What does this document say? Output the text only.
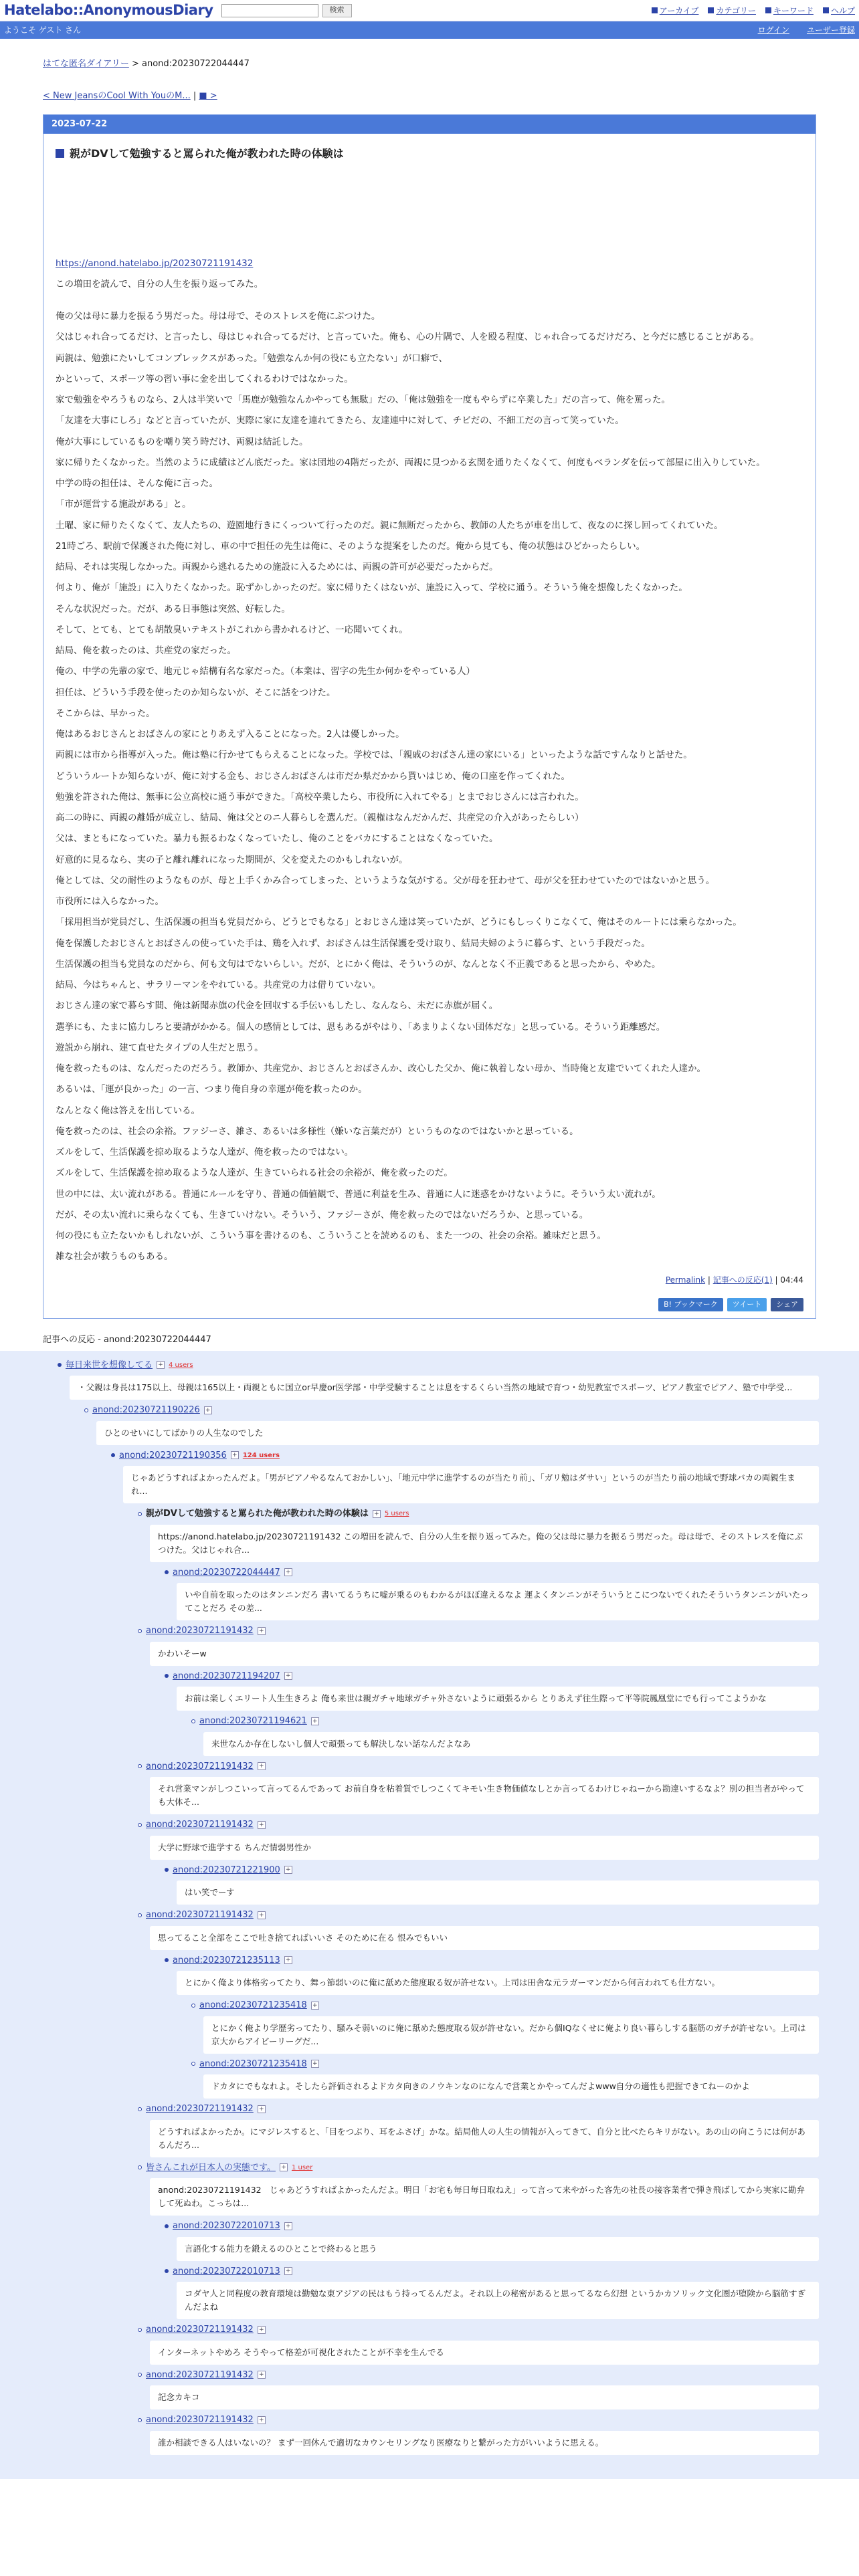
Hatelabo::AnonymousDiary	検索	アーカイブ カテゴリー キーワード ヘルプ
ようこそ ゲスト さん	ログイン ユーザー登録
はてな匿名ダイアリー > anond:20230722044447
< New JeansのCool With YouのM... | ■ >
2023-07-22
親がDVして勉強すると罵られた俺が教われた時の体験は

https://anond.hatelabo.jp/20230721191432

この増田を読んで、自分の人生を振り返ってみた。

俺の父は母に暴力を振るう男だった。母は母で、そのストレスを俺にぶつけた。

父はじゃれ合ってるだけ、と言ったし、母はじゃれ合ってるだけ、と言っていた。俺も、心の片隅で、人を殴る程度、じゃれ合ってるだけだろ、と今だに感じることがある。

両親は、勉強にたいしてコンプレックスがあった。「勉強なんか何の役にも立たない」が口癖で、

かといって、スポーツ等の習い事に金を出してくれるわけではなかった。

家で勉強をやろうものなら、2人は半笑いで「馬鹿が勉強なんかやっても無駄」だの、「俺は勉強を一度もやらずに卒業した」だの言って、俺を罵った。

「友達を大事にしろ」などと言っていたが、実際に家に友達を連れてきたら、友達連中に対して、チビだの、不細工だの言って笑っていた。

俺が大事にしているものを嘲り笑う時だけ、両親は結託した。

家に帰りたくなかった。当然のように成績はどん底だった。家は団地の4階だったが、両親に見つかる玄関を通りたくなくて、何度もベランダを伝って部屋に出入りしていた。

中学の時の担任は、そんな俺に言った。

「市が運営する施設がある」と。

土曜、家に帰りたくなくて、友人たちの、遊園地行きにくっついて行ったのだ。親に無断だったから、教師の人たちが車を出して、夜なのに探し回ってくれていた。

21時ごろ、駅前で保護された俺に対し、車の中で担任の先生は俺に、そのような提案をしたのだ。俺から見ても、俺の状態はひどかったらしい。

結局、それは実現しなかった。両親から逃れるための施設に入るためには、両親の許可が必要だったからだ。

何より、俺が「施設」に入りたくなかった。恥ずかしかったのだ。家に帰りたくはないが、施設に入って、学校に通う。そういう俺を想像したくなかった。

そんな状況だった。だが、ある日事態は突然、好転した。

そして、とても、とても胡散臭いテキストがこれから書かれるけど、一応聞いてくれ。

結局、俺を救ったのは、共産党の家だった。

俺の、中学の先輩の家で、地元じゃ結構有名な家だった。（本業は、習字の先生か何かをやっている人）

担任は、どういう手段を使ったのか知らないが、そこに話をつけた。

そこからは、早かった。

俺はあるおじさんとおばさんの家にとりあえず入ることになった。2人は優しかった。

両親には市から指導が入った。俺は塾に行かせてもらえることになった。学校では、「親戚のおばさん達の家にいる」といったような話ですんなりと話せた。

どういうルートか知らないが、俺に対する金も、おじさんおばさんは市だか県だかから貰いはじめ、俺の口座を作ってくれた。

勉強を許された俺は、無事に公立高校に通う事ができた。「高校卒業したら、市役所に入れてやる」とまでおじさんには言われた。

高二の時に、両親の離婚が成立し、結局、俺は父とのニ人暮らしを選んだ。（親権はなんだかんだ、共産党の介入があったらしい）

父は、まともになっていた。暴力も振るわなくなっていたし、俺のことをバカにすることはなくなっていた。

好意的に見るなら、実の子と離れ離れになった期間が、父を変えたのかもしれないが。

俺としては、父の耐性のようなものが、母と上手くかみ合ってしまった、というような気がする。父が母を狂わせて、母が父を狂わせていたのではないかと思う。

市役所には入らなかった。

「採用担当が党員だし、生活保護の担当も党員だから、どうとでもなる」とおじさん達は笑っていたが、どうにもしっくりこなくて、俺はそのルートには乗らなかった。

俺を保護したおじさんとおばさんの使っていた手は、鶏を入れず、おばさんは生活保護を受け取り、結局夫婦のように暮らす、という手段だった。

生活保護の担当も党員なのだから、何も文句はでないらしい。だが、とにかく俺は、そういうのが、なんとなく不正義であると思ったから、やめた。

結局、今はちゃんと、サラリーマンをやれている。共産党の力は借りていない。

おじさん達の家で暮らす間、俺は新聞赤旗の代金を回収する手伝いもしたし、なんなら、未だに赤旗が届く。

選挙にも、たまに協力しろと要請がかかる。個人の感情としては、恩もあるがやはり、「あまりよくない団体だな」と思っている。そういう距離感だ。

遊説から崩れ、建て直せたタイプの人生だと思う。

俺を救ったものは、なんだったのだろう。教師か、共産党か、おじさんとおばさんか、改心した父か、俺に執着しない母か、当時俺と友達でいてくれた人達か。

あるいは、「運が良かった」の一言、つまり俺自身の幸運が俺を救ったのか。

なんとなく俺は答えを出している。

俺を救ったのは、社会の余裕。ファジーさ、雑さ、あるいは多様性（嫌いな言葉だが）というものなのではないかと思っている。

ズルをして、生活保護を掠め取るような人達が、俺を救ったのではない。

ズルをして、生活保護を掠め取るような人達が、生きていられる社会の余裕が、俺を救ったのだ。

世の中には、太い流れがある。普通にルールを守り、普通の価値観で、普通に利益を生み、普通に人に迷惑をかけないように。そういう太い流れが。

だが、その太い流れに乗らなくても、生きていけない。そういう、ファジーさが、俺を救ったのではないだろうか、と思っている。

何の役にも立たないかもしれないが、こういう事を書けるのも、こういうことを読めるのも、また一つの、社会の余裕。雑味だと思う。

雑な社会が救うものもある。

Permalink | 記事への反応(1) | 04:44
B! ブックマーク	ツイート	シェア
記事への反応 - anond:20230722044447
毎日来世を想像してる + 4 users
・父親は身長は175以上、母親は165以上・両親ともに国立or早慶or医学部・中学受験することは息をするくらい当然の地域で育つ・幼児教室でスポーツ、ピアノ教室でピアノ、塾で中学受...
anond:20230721190226 +
ひとのせいにしてばかりの人生なのでした
anond:20230721190356 + 124 users
じゃあどうすればよかったんだよ。「男がピアノやるなんておかしい」、「地元中学に進学するのが当たり前」、「ガリ勉はダサい」というのが当たり前の地域で野球バカの両親生まれ...
親がDVして勉強すると罵られた俺が教われた時の体験は + 5 users
https://anond.hatelabo.jp/20230721191432 この増田を読んで、自分の人生を振り返ってみた。俺の父は母に暴力を振るう男だった。母は母で、そのストレスを俺にぶつけた。父はじゃれ合...
anond:20230722044447 +
いや自前を取ったのはタンニンだろ 書いてるうちに嘘が乗るのもわかるがほぼ違えるなよ 運よくタンニンがそういうとこにつないでくれたそういうタンニンがいたってことだろ その差...
anond:20230721191432 +
かわいそーw
anond:20230721194207 +
お前は楽しくエリート人生生きろよ 俺も来世は親ガチャ地球ガチャ外さないように頑張るから とりあえず往生際って平等院鳳凰堂にでも行ってこようかな
anond:20230721194621 +
来世なんか存在しないし個人で頑張っても解決しない話なんだよなあ
anond:20230721191432 +
それ営業マンがしつこいって言ってるんであって お前自身を粘着質でしつこくてキモい生き物価値なしとか言ってるわけじゃねーから勘違いするなよ？別の担当者がやっても大体そ...
anond:20230721191432 +
大学に野球で進学する ちんだ情弱男性か
anond:20230721221900 +
はい笑でーす
anond:20230721191432 +
思ってること全部をここで吐き捨てればいいさ そのために在る 恨みでもいい
anond:20230721235113 +
とにかく俺より体格劣ってたり、舞っ節弱いのに俺に舐めた態度取る奴が許せない。上司は田舎な元ラガーマンだから何言われても仕方ない。
anond:20230721235418 +
とにかく俺より学歴劣ってたり、騒みそ弱いのに俺に舐めた態度取る奴が許せない。だから個IQなくせに俺より良い暮らしする脳筋のガチが許せない。上司は京大からアイビーリーグだ...
anond:20230721235418 +
ドカタにでもなれよ。そしたら評価されるよドカタ向きのノウキンなのになんで営業とかやってんだよwww自分の適性も把握できてねーのかよ
anond:20230721191432 +
どうすればよかったか。にマジレスすると、「目をつぶり、耳をふさげ」かな。結局他人の人生の情報が入ってきて、自分と比べたらキリがない。あの山の向こうには何があるんだろ...
皆さんこれが日本人の実態です。 + 1 user
anond:20230721191432　じゃあどうすればよかったんだよ。明日「お宅も毎日毎日取ねえ」って言って来やがった客先の社長の接客業者で弾き飛ばしてから実家に勘弁して死ぬわ。こっちは...
anond:20230722010713 +
言語化する能力を鍛えるのひとことで終わると思う
anond:20230722010713 +
コダヤ人と同程度の教育環境は勤勉な東アジアの民はもう持ってるんだよ。それ以上の秘密があると思ってるなら幻想 というかカソリック文化圏が堕険から脳筋すぎんだよね
anond:20230721191432 +
インターネットやめろ そうやって格差が可視化されたことが不幸を生んでる
anond:20230721191432 +
記念カキコ
anond:20230721191432 +
誰か相談できる人はいないの？ まず一回休んで適切なカウンセリングなり医療なりと繋がった方がいいように思える。
